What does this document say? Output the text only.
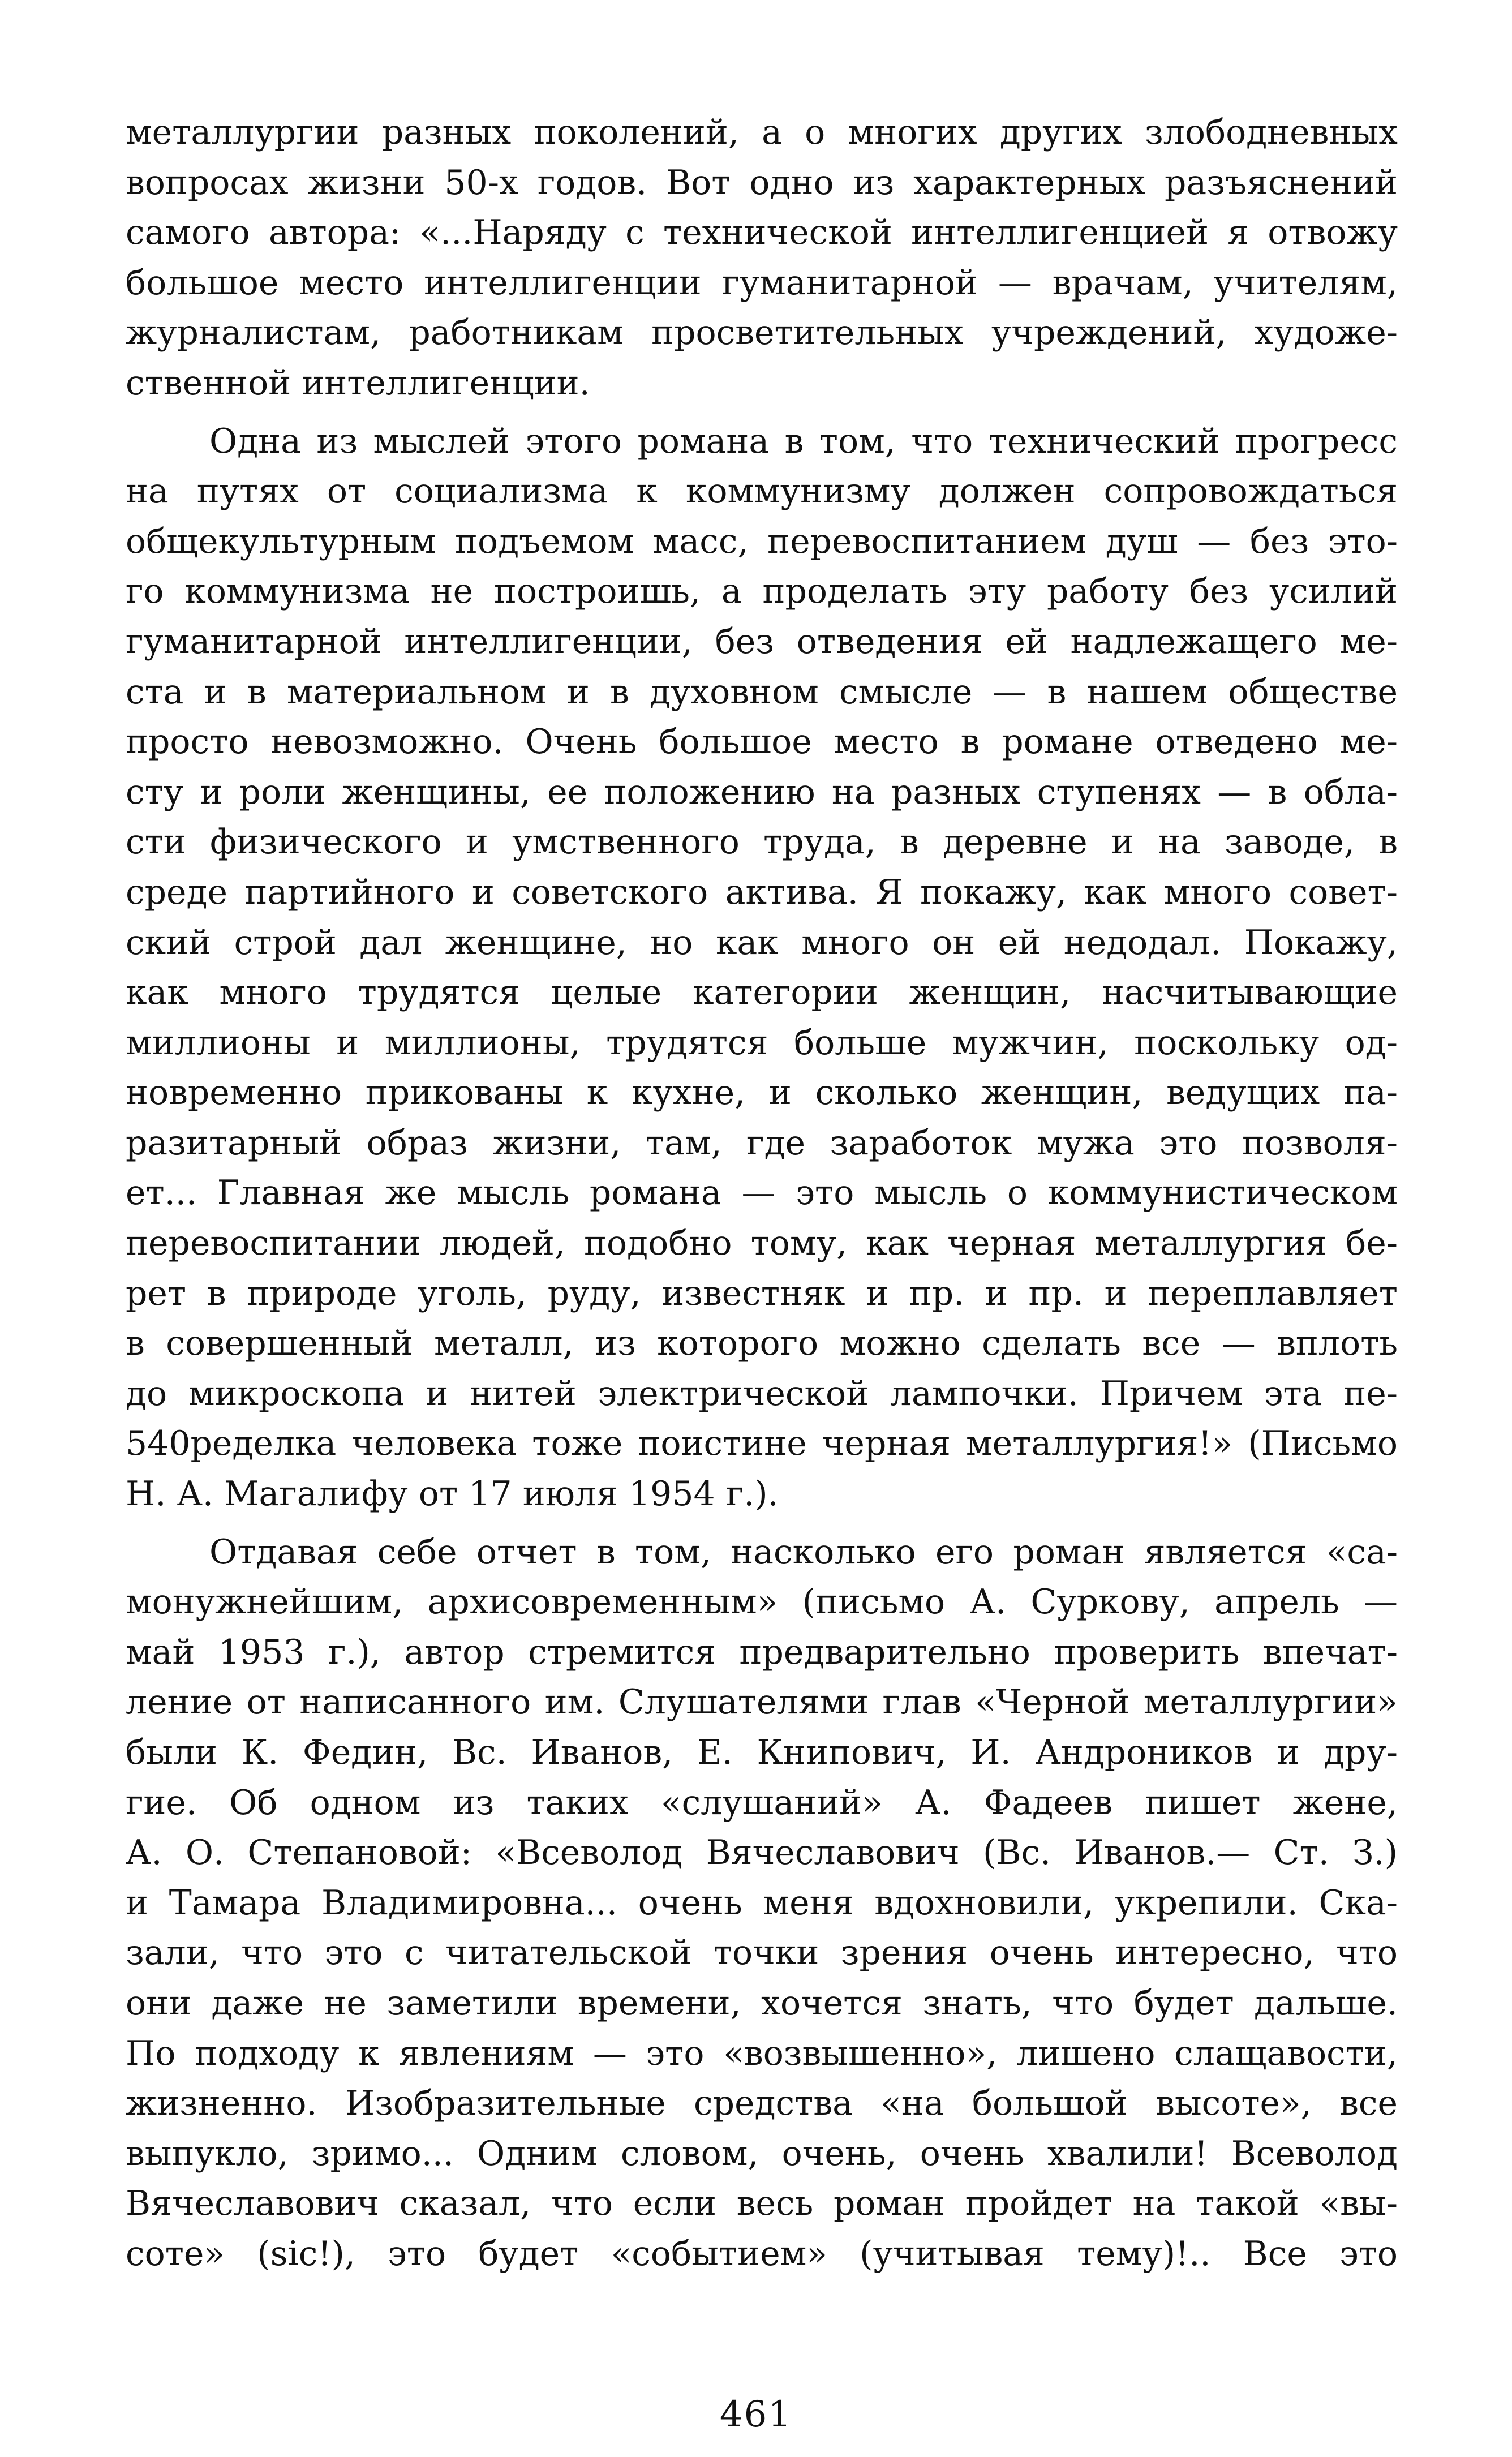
металлургии разных поколений, а о многих других злободневных
вопросах жизни 50-х годов. Вот одно из характерных разъяснений
самого автора: «...Наряду с технической интеллигенцией я отвожу
большое место интеллигенции гуманитарной — врачам, учителям,
журналистам, работникам просветительных учреждений, художе-
ственной интеллигенции.
Одна из мыслей этого романа в том, что технический прогресс
на путях от социализма к коммунизму должен сопровождаться
общекультурным подъемом масс, перевоспитанием душ — без это-
го коммунизма не построишь, а проделать эту работу без усилий
гуманитарной интеллигенции, без отведения ей надлежащего ме-
ста и в материальном и в духовном смысле — в нашем обществе
просто невозможно. Очень большое место в романе отведено ме-
сту и роли женщины, ее положению на разных ступенях — в обла-
сти физического и умственного труда, в деревне и на заводе, в
среде партийного и советского актива. Я покажу, как много совет-
ский строй дал женщине, но как много он ей недодал. Покажу,
как много трудятся целые категории женщин, насчитывающие
миллионы и миллионы, трудятся больше мужчин, поскольку од-
новременно прикованы к кухне, и сколько женщин, ведущих па-
разитарный образ жизни, там, где заработок мужа это позволя-
ет... Главная же мысль романа — это мысль о коммунистическом
перевоспитании людей, подобно тому, как черная металлургия бе-
рет в природе уголь, руду, известняк и пр. и пр. и переплавляет
в совершенный металл, из которого можно сделать все — вплоть
до микроскопа и нитей электрической лампочки. Причем эта пе-
540ределка человека тоже поистине черная металлургия!» (Письмо
Н. А. Магалифу от 17 июля 1954 г.).
Отдавая себе отчет в том, насколько его роман является «са-
монужнейшим, архисовременным» (письмо А. Суркову, апрель —
май 1953 г.), автор стремится предварительно проверить впечат-
ление от написанного им. Слушателями глав «Черной металлургии»
были К. Федин, Вс. Иванов, Е. Книпович, И. Андроников и дру-
гие. Об одном из таких «слушаний» А. Фадеев пишет жене,
А. О. Степановой: «Всеволод Вячеславович (Вс. Иванов.— Ст. З.)
и Тамара Владимировна... очень меня вдохновили, укрепили. Ска-
зали, что это с читательской точки зрения очень интересно, что
они даже не заметили времени, хочется знать, что будет дальше.
По подходу к явлениям — это «возвышенно», лишено слащавости,
жизненно. Изобразительные средства «на большой высоте», все
выпукло, зримо... Одним словом, очень, очень хвалили! Всеволод
Вячеславович сказал, что если весь роман пройдет на такой «вы-
соте» (sic!), это будет «событием» (учитывая тему)!.. Все это
461
